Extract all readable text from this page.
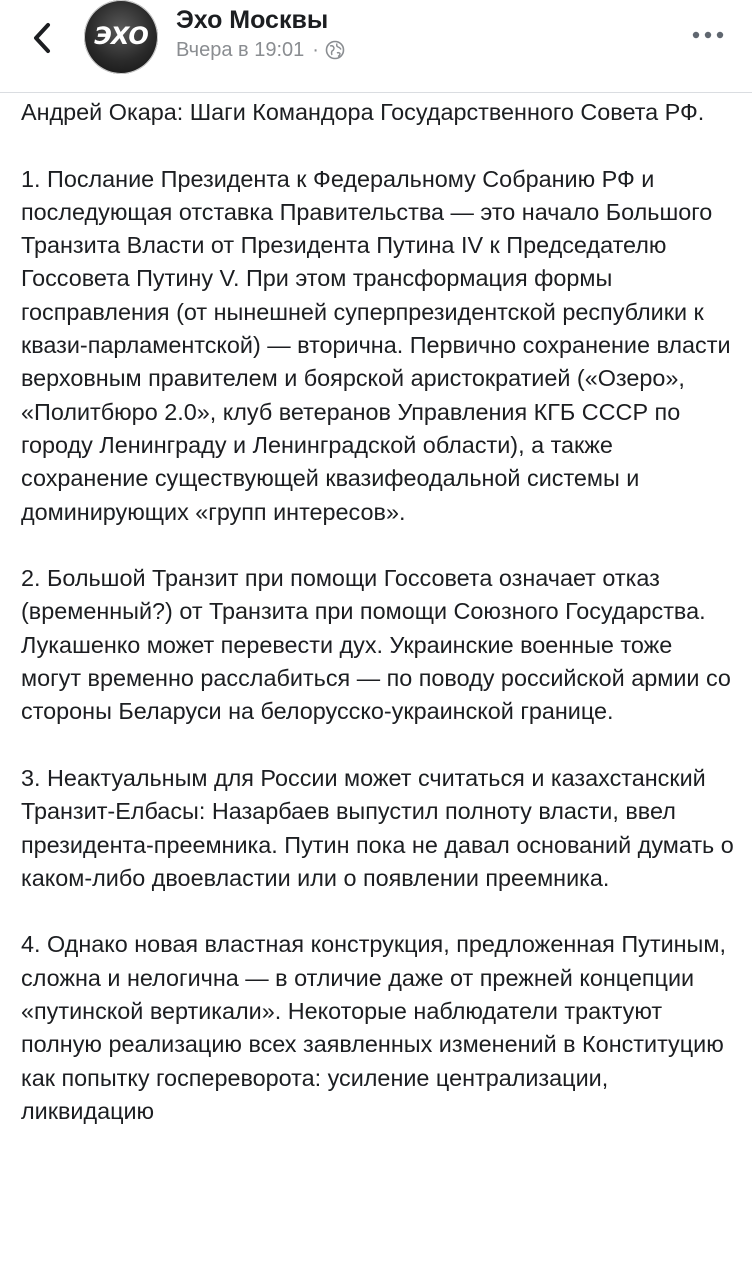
ЭХО
Эхо Москвы
Вчера в 19:01 ·

Андрей Окара: Шаги Командора Государственного Совета РФ.

1. Послание Президента к Федеральному Собранию РФ и последующая отставка Правительства — это начало Большого Транзита Власти от Президента Путина IV к Председателю Госсовета Путину V. При этом трансформация формы госправления (от нынешней суперпрезидентской республики к квази-парламентской) — вторична. Первично сохранение власти верховным правителем и боярской аристократией («Озеро», «Политбюро 2.0», клуб ветеранов Управления КГБ СССР по городу Ленинграду и Ленинградской области), а также сохранение существующей квазифеодальной системы и доминирующих «групп интересов».

2. Большой Транзит при помощи Госсовета означает отказ (временный?) от Транзита при помощи Союзного Государства. Лукашенко может перевести дух. Украинские военные тоже могут временно расслабиться — по поводу российской армии со стороны Беларуси на белорусско-украинской границе.

3. Неактуальным для России может считаться и казахстанский Транзит-Елбасы: Назарбаев выпустил полноту власти, ввел президента-преемника. Путин пока не давал оснований думать о каком-либо двоевластии или о появлении преемника.

4. Однако новая властная конструкция, предложенная Путиным, сложна и нелогична — в отличие даже от прежней концепции «путинской вертикали». Некоторые наблюдатели трактуют полную реализацию всех заявленных изменений в Конституцию как попытку госпереворота: усиление централизации, ликвидацию
